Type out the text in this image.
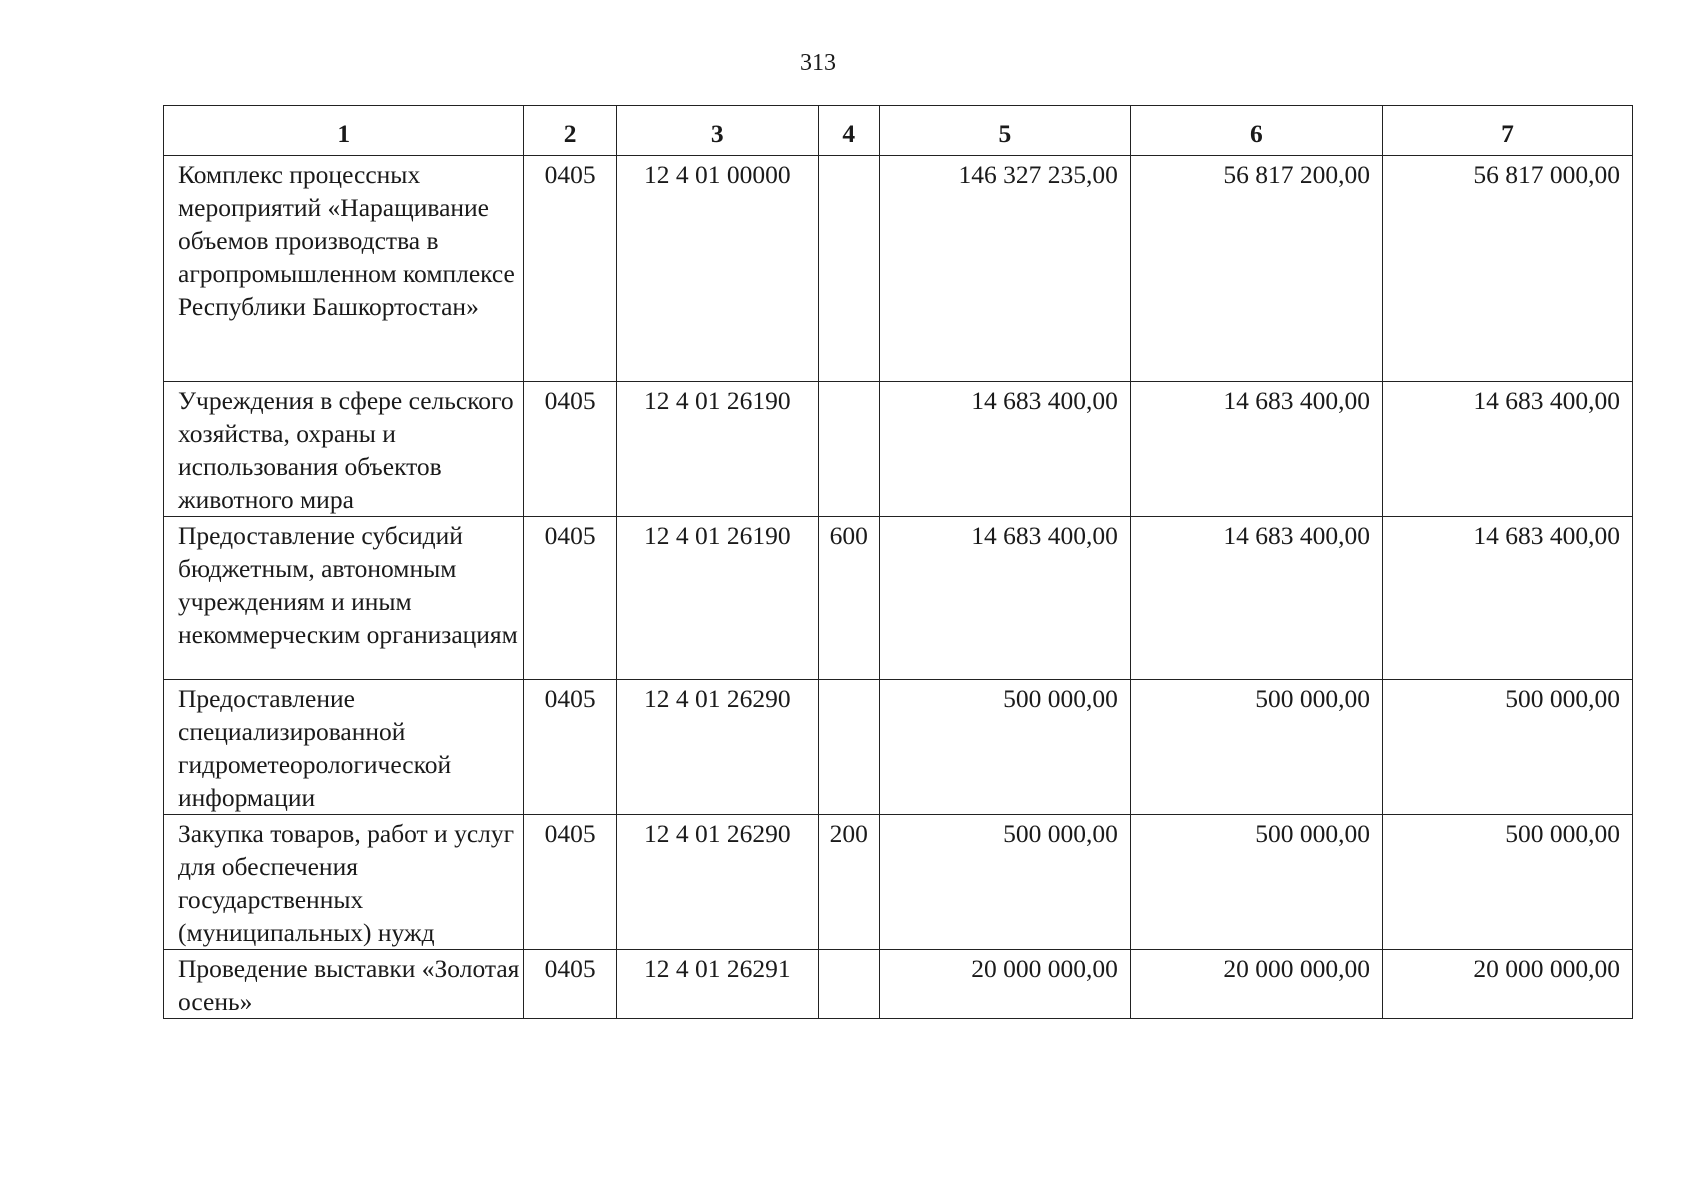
313
1	2	3	4	5	6	7
Комплекс процессных мероприятий «Наращивание объемов производства в агропромышленном комплексе Республики Башкортостан»	0405	12 4 01 00000		146 327 235,00	56 817 200,00	56 817 000,00
Учреждения в сфере сельского хозяйства, охраны и использования объектов животного мира	0405	12 4 01 26190		14 683 400,00	14 683 400,00	14 683 400,00
Предоставление субсидий бюджетным, автономным учреждениям и иным некоммерческим организациям	0405	12 4 01 26190	600	14 683 400,00	14 683 400,00	14 683 400,00
Предоставление специализированной гидрометеорологической информации	0405	12 4 01 26290		500 000,00	500 000,00	500 000,00
Закупка товаров, работ и услуг для обеспечения государственных (муниципальных) нужд	0405	12 4 01 26290	200	500 000,00	500 000,00	500 000,00
Проведение выставки «Золотая осень»	0405	12 4 01 26291		20 000 000,00	20 000 000,00	20 000 000,00
